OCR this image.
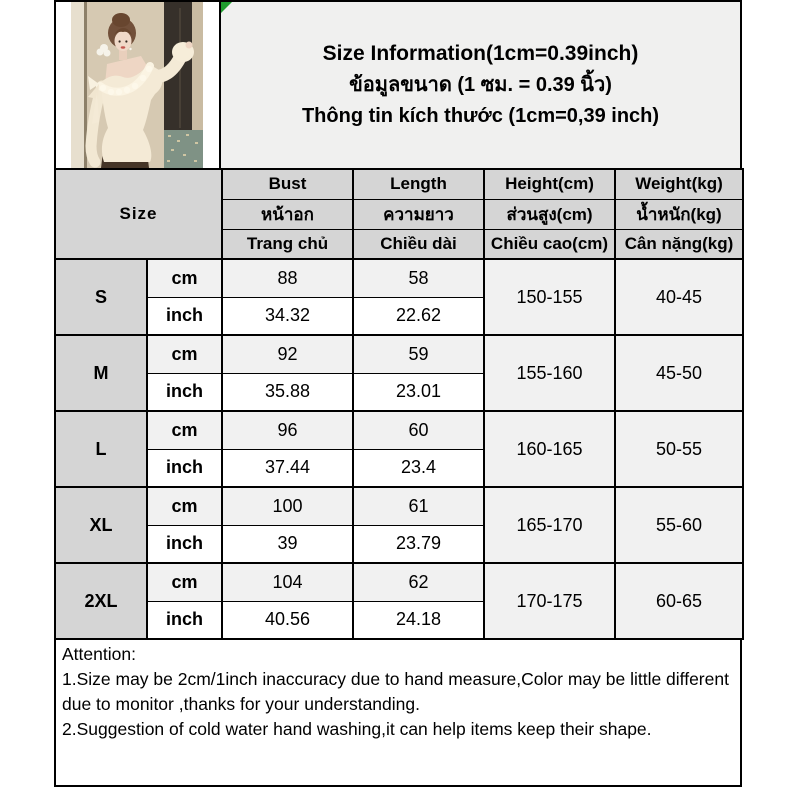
Size Information(1cm=0.39inch)
ข้อมูลขนาด (1 ซม. = 0.39 นิ้ว)
Thông tin kích thước (1cm=0,39 inch)
Size		Bust	Length	Height(cm)	Weight(kg)
		หน้าอก	ความยาว	ส่วนสูง(cm)	น้ำหนัก(kg)
		Trang chủ	Chiều dài	Chiều cao(cm)	Cân nặng(kg)
S	cm	88	58	150-155	40-45
	inch	34.32	22.62		
M	cm	92	59	155-160	45-50
	inch	35.88	23.01		
L	cm	96	60	160-165	50-55
	inch	37.44	23.4		
XL	cm	100	61	165-170	55-60
	inch	39	23.79		
2XL	cm	104	62	170-175	60-65
	inch	40.56	24.18		
Attention:
1.Size may be 2cm/1inch inaccuracy due to hand measure,Color may be little different due to monitor ,thanks for your understanding.
2.Suggestion of cold water hand washing,it can help items keep their shape.
